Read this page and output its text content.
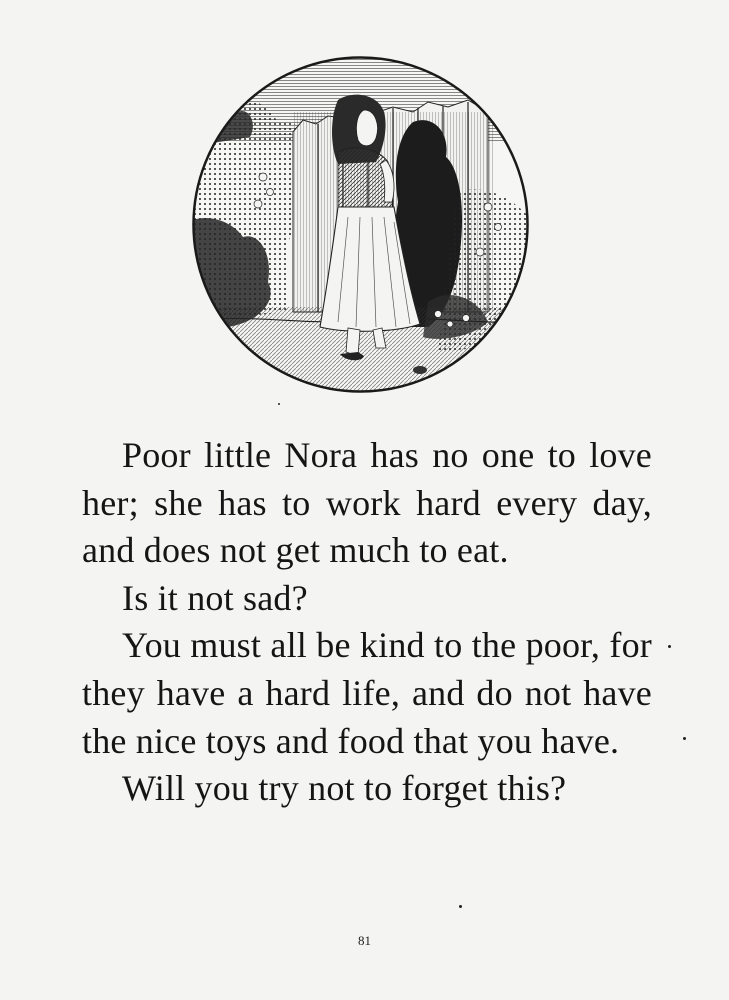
Poor little Nora has no one to love her; she has to work hard every day, and does not get much to eat.

Is it not sad?

You must all be kind to the poor, for they have a hard life, and do not have the nice toys and food that you have.

Will you try not to forget this?

81
